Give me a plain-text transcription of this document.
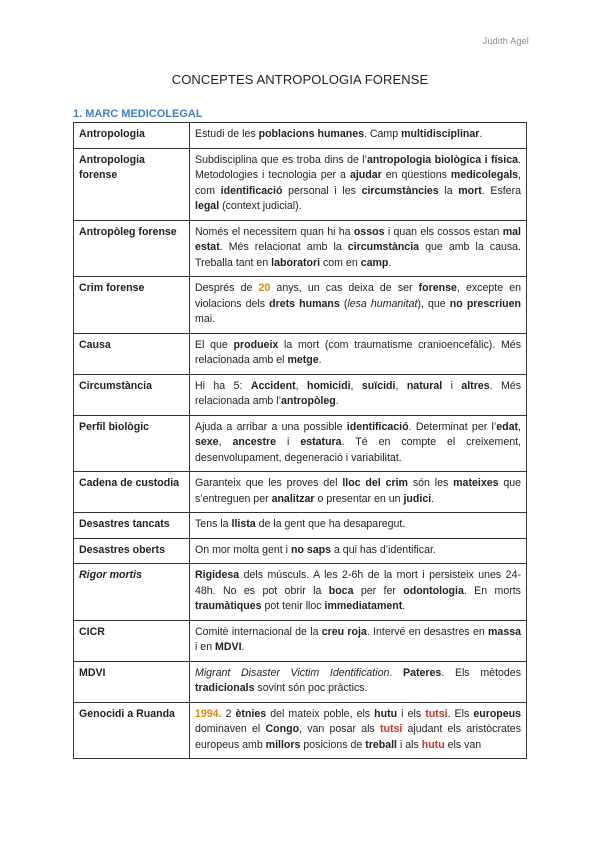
Judith Agel
CONCEPTES ANTROPOLOGIA FORENSE
1. MARC MEDICOLEGAL
Antropologia	Estudi de les poblacions humanes. Camp multidisciplinar.
Antropologia forense	Subdisciplina que es troba dins de l’antropologia biològica i física. Metodologies i tecnologia per a ajudar en qüestions medicolegals, com identificació personal i les circumstàncies la mort. Esfera legal (context judicial).
Antropòleg forense	Només el necessitem quan hi ha ossos i quan els cossos estan mal estat. Més relacionat amb la circumstància que amb la causa. Treballa tant en laboratori com en camp.
Crim forense	Després de 20 anys, un cas deixa de ser forense, excepte en violacions dels drets humans (lesa humanitat), que no prescriuen mai.
Causa	El que produeix la mort (com traumatisme cranioencefàlic). Més relacionada amb el metge.
Circumstància	Hi ha 5: Accident, homicidi, suïcidi, natural i altres. Més relacionada amb l’antropòleg.
Perfil biològic	Ajuda a arribar a una possible identificació. Determinat per l’edat, sexe, ancestre i estatura. Té en compte el creixement, desenvolupament, degeneració i variabilitat.
Cadena de custodia	Garanteix que les proves del lloc del crim són les mateixes que s’entreguen per analitzar o presentar en un judici.
Desastres tancats	Tens la llista de la gent que ha desaparegut.
Desastres oberts	On mor molta gent i no saps a qui has d’identificar.
Rigor mortis	Rigidesa dels músculs. A les 2-6h de la mort i persisteix unes 24-48h. No es pot obrir la boca per fer odontologia. En morts traumàtiques pot tenir lloc immediatament.
CICR	Comitè internacional de la creu roja. Intervé en desastres en massa i en MDVI.
MDVI	Migrant Disaster Victim Identification. Pateres. Els mètodes tradicionals sovint són poc pràctics.
Genocidi a Ruanda	1994. 2 ètnies del mateix poble, els hutu i els tutsi. Els europeus dominaven el Congo, van posar als tutsi ajudant els aristòcrates europeus amb millors posicions de treball i als hutu els van
